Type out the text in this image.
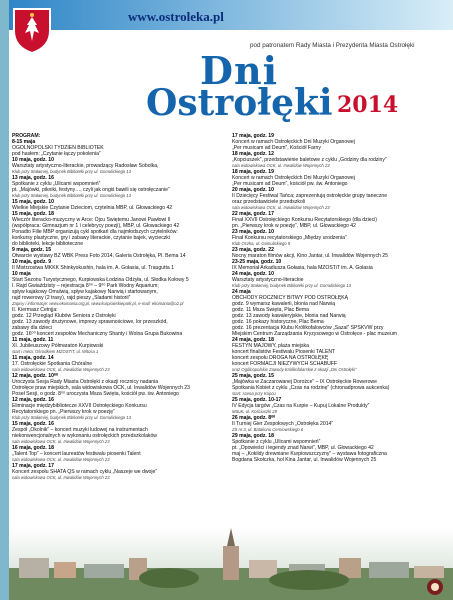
www.ostroleka.pl
pod patronatem Rady Miasta i Prezydenta Miasta Ostrołęki
Dni
Ostrołęki 2014
PROGRAM:
8-15 maja
OGÓLNOPOLSKI TYDZIEŃ BIBLIOTEK
pod hasłem: „Czytanie łączy pokolenia”
10 maja, godz. 10
Warsztaty artystyczno-literackie, prowadzący Radosław Sobolka,
Klub przy Stałamiej, budynek Biblioteki przy ul. Gomulickiego 13
13 maja, godz. 16
Spotkanie z cyklu „Ulicami wspomnień”
pt. „Majówki, pikniki, festyny…, czyli jak ongiś bawili się ostrołęczanie”
Klub przy Stałamiej, budynek Biblioteki przy ul. Gomulickiego 13
15 maja, godz. 10
Wielkie Miejskie Czytanie Dzieciom, czytelnia MBP, ul. Głowackiego 42
15 maja, godz. 18
Wieczór literacko-muzyczny w Arce: Ojcu Świętemu Janowi Pawłowi II
(współpraca: Gimnazjum nr 1 i celebrycy poezji), MBP, ul. Głowackiego 42
Ponadto Filie MBP organizują cykl spotkań dla najmłodszych czytelników:
konkursy plastyczne, gry i zabawy literackie, czytanie bajek, wycieczki
do biblioteki, lekcje biblioteczne
9 maja, godz. 15
Otwarcie wystawy BZ WBK Press Foto 2014, Galeria Ostrołęka, Pl. Bema 14
10 maja, godz. 9
II Mistrzostwa MKKK Shinkyokushin, hala im. A. Gołasia, ul. Traugutta 1
10 maja
Start Sezonu Turystycznego, Kurpiowska Łodzina Odżyła, ul. Słodka Kołowy 5
I. Rajd Gwiaździsty – rejestracja 8⁰⁰ – 9⁰⁰ Park Wodny Aquarium;
spływ kajakowy Omulwią, spływ kajakowy Narwią i startowanym,
rajd rowerowy (2 trasy), rajd pieszy „Śladami historii”
Zapisy i informacje: www.ekomania.org.pl, www.kurpiowskiepark.pl, e-mail: ekomania@o2.pl
II. Kiermasz Cetnjja:
godz. 12 Przegląd Klubów Seniora z Ostrołęki
godz. 13 zawody drużynowe, imprezy sprawnościowe, lor przeszkód,
zabawy dla dzieci
godz. 16⁰⁰ koncert zespołów Mechaniczny Shanty i Wolna Grupa Bukowina
11 maja, godz. 11
XI. Jubileuszowy Półmaraton Kurpiowski
start i meta: Ośrodkiem MZOSTiT, ul. Witosa 1
11 maja, godz. 14
17. Ostrołęckie Spotkania Chóralne
sala widowiskowa OCK, ul. Inwalidów Wojennych 23
12 maja, godz. 10⁰⁰
Uroczysta Sesja Rady Miasta Ostrołęki z okazji rocznicy nadania
Ostrołęce praw miejskich, sala widowiskowa OCK, ul. Inwalidów Wojennych 23
Poseł Sesji, o godz. 8⁰⁰ uroczysta Msza Święta, kościół pw. św. Antoniego
12 maja, godz. 16
Eliminacje międzybibliotecze XXVII Ostrołęckiego Konkursu
Recytatorskiego pn. „Pierwszy krok w poezję”
Klub przy Stałamiej, budynek Biblioteki przy ul. Gomulickiego 13
15 maja, godz. 16
Zespół „Okolnik” – koncert muzyki ludowej na instrumentach
niekonwencjonalnych w wykonaniu ostrołęckich przedszkolaków
sala widowiskowa OCK, ul. Inwalidów Wojennych 23
16 maja, godz. 18
„Talent Top” – koncert laureatów festiwalu piosenki Talent
sala widowiskowa OCK, ul. Inwalidów Wojennych 23
17 maja, godz. 17
Koncert zespołu SHATA QS w ramach cyklu „Naszeje we dwoje”
sala widowiskowa OCK, ul. Inwalidów Wojennych 23
17 maja, godz. 19
Koncert w ramach Ostrołęckich Dni Muzyki Organowej
„Per musicam ad Deum”, Kościół Farny
18 maja, godz. 12
„Kopciuszek”, przedstawienie baletowe z cyklu „Godziny dla rodziny”
sala widowiskowa OCK, ul. Inwalidów Wojennych 23
18 maja, godz. 19
Koncert w ramach Ostrołęckich Dni Muzyki Organowej
„Per musicam ad Deum”, kościół pw. św. Antoniego
20 maja, godz. 10
II Dziecięcy Festiwal Tańca; zaprezentują ostrołęckie grupy taneczne
oraz przedstawiciele przedszkoli
sala widowiskowa OCK, ul. Inwalidów Wojennych 23
22 maja, godz. 17
Finał XXVII Ostrołęckiego Konkursu Recytatorskiego (dla dzieci)
pn. „Pierwszy krok w poezję”, MBP, ul. Głowackiego 42
23 maja, godz. 10
Finał Konkursu recytatorskiego „Między urodzenia”
Klub Oczka, ul. Gomulickiego 9
23 maja, godz. 22
Nocny maraton filmów akcji, Kino Jantar, ul. Inwalidów Wojennych 25
23-25 maja, godz. 10
IX Memoriał Arkadiusza Gołasia, hala MZOSTiT im. A. Gołasia
24 maja, godz. 10
Warsztaty artystyczno-literackie
Klub przy Stałamiej, budynek Biblioteki przy ul. Gomulickiego 13
24 maja
OBCHODY ROCZNICY BITWY POD OSTROŁĘKĄ
godz. 9 wymarsz kawalerii, błonia nad Narwią
godz. 11 Msza Święta, Plac Bema
godz. 13 zawody kawaleryjskie, błonia nad Narwią
godz. 16 pokazy historyczne, Plac Bema
godz. 16 prezentacja Klubu Królikofalowców „Sazal” SPSKVW przy
Miejskim Centrum Zarządzania Kryzysowego w Ostrołęce - plac muzeum
24 maja, godz. 18
FESTYN MAJOWY, plaża miejska
koncert finalistów Festiwalu Piosenki TALENT
koncert zespołu DROGA NA OSTROŁĘKĘ
koncert FORMACJI NIEŻYWYCH SCHABUFF
oraz Ogólnopolskie Zawody Królikofalarskie z okazji „Dni Ostrołęki”
25 maja, godz. 15
„Majówka w Zaczarowanej Dorożce” – IX Ostrołęckie Rowerowe
Spotkania Kobiet z cyklu „Czas na rodzinę” (chronadprowa aukcenka)
start: scena przy Kopcu
25 maja, godz. 10-17
IV Edycja targów „Czas na Kurpie – Kupuj Lokalne Produkty”
MSuK, ul. Kościuszki 29
26 maja, godz. 8⁰⁰
II Turniej Gier Zespołowych „Ostrołęka 2014”
ZS nr 3, ul. Batalionu Cerniowskiego 6
29 maja, godz. 18
Spotkanie z cyklu „Ulicami wspomnień”
pt. „Opowieści i legendy znad Narwi”, MBP, ul. Głowackiego 42
maj – „Kokildy drewniane Kurpiowszczyzny” – wystawa fotograficzna
Bogdana Skołczka, hol Kina Jantar, ul. Inwalidów Wojennych 25
